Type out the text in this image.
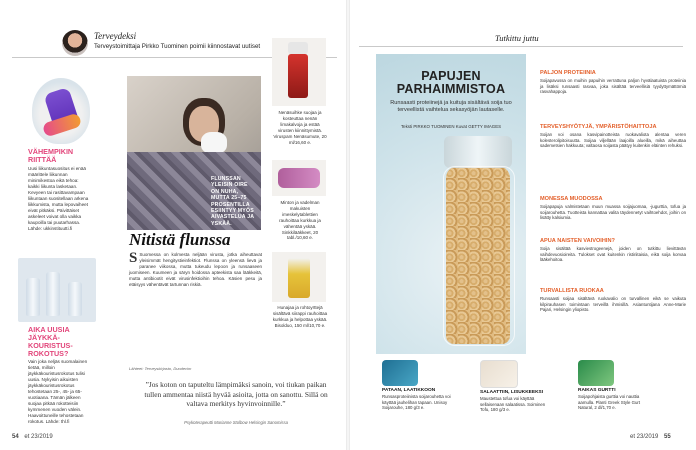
Terveydeksi
Terveystoimittaja Pirkko Tuominen poimii kiinnostavat uutiset
VÄHEMPIKIN RIITTÄÄ
Uusi liikuntasuositus ei enää määrittele liikunnan minimikestoa eikä tehoa: kaikki liikunta lasketaan. Kevyeen tai rasittavampaan liikuntaan suositellaan arkena liikkumista, mutta lepovaiheet eivät pitkäksi. Päivittäiset askeleet voivat olla vaikka kaupoilla tai puutarhassa. Lähde: ukkinstituutti.fi
AIKA UUSIA JÄYKKÄ-KOURISTUS-ROKOTUS?
Vain joka neljäs suomalainen tietää, milloin jäykkäkouristusrokotus tulisi uusia. Nykyisin aikuisten jäykkäkouristusrokotus tehostetaan 25-, 45- ja 65-vuotiaana. Tämän jälkeen suojaa pitkää rokotteisiin kymmenen vuoden välein. Haavoittuneille tehostetaan rokotus. Lähde: thl.fi
FLUNSSAN YLEISIN OIRE ON NUHA, MUTTA 25–75 PROSENTILLA ESIINTYY MYÖS AIVASTELUA JA YSKÄÄ.
Nitistä flunssa
S Suomessa on kolmesta neljään virusta, jotka aiheuttavat yleisimmät hengitystieinfektiot. Flunssa on yleensä lievä ja paranee viikossa, mutta tukeudu lepoon ja runsaaseen juomiseen. Kuumeen ja säryn hoidossa apteekista saa lääkkeitä, mutta antibiootit eivät virusinfektioihin tehoa. Käsien pesu ja etäisyys vähentävät tartunnan riskiä.
Lähteet: Terveyskirjasto, Duodecim
Nenäsuihke suojaa ja kosteuttaa nenän limakalvoja ja estää virusten kiinnittymistä. Viruspam Nenäsumute, 20 ml/16,60 e.
Minton ja vadelman makuisten imeskelytablettien rauhoittaa kurkkua ja vähentää yskää. Sinkkilääkkeet, 20 tabl./10,60 e.
Hunajaa ja rohtoyrttejä sisältävä siirappi rauhoittaa kurkkua ja helpottaa yskää. Bisolduo, 150 ml/10,70 e.
”Jos koton on taputeltu lämpimäksi sanoin, voi tiukan paikan tullen ammentaa niistä hyvää asioita, jotta on sanottu. Sillä on valtava merkitys hyvinvoinnille.”
Psykoterapeutti Marianne Stolbow Helsingin Sanomissa
54 et 23/2019
Tutkittu juttu
PAPUJEN PARHAIMMISTOA
Runsaasti proteiinejä ja kuituja sisältävä soija tuo terveellistä vaihtelua sekasyöjän lautaselle.
Teksti PIRKKO TUOMINEN Kuvat GETTY IMAGES
PALJON PROTEIINIA
Soijapavussa on muihin papuihin verrattuna paljon hyvälaatuista proteiinia ja lisäksi runsaasti rasvaa, joka sisältää terveellisiä tyydyttymättömiä rasvahappoja.
TERVEYSHYÖTYJÄ, YMPÄRISTÖHAITTOJA
Soijan voi osana kasvipainotteista ruokavaliota alentaa veren kolesterolipitoisuutta. Soijaa viljellään laajoilla alueilla, mikä aiheuttaa sademetsien hakkuuta; valtaosa soijasta päätyy kuitenkin eläinten rehuksi.
MONESSA MUODOSSA
Soijapapuja valmistetaan muun muassa soijajuomaa, -jugurttia, tofua ja soijarouhetta. Tuotteista kannattaa valita täydennetyt vaihtoehdot, joihin on lisätty kalsiumia.
APUA NAISTEN VAIVOIHIN?
Soija sisältää kasviestrogeenejä, joiden on tutkittu lievittävän vaihdevuosioireita. Tulokset ovat kuitenkin ristiriitaisia, eikä soija korvaa lääkehoitoa.
TURVALLISTA RUOKAA
Runsaasti soijaa sisältävä ruokavalio on turvallinen eikä se vaikuta kilpirauhasen toimintaan terveillä ihmisillä. Asiantuntijana Anne-Marie Pajari, Helsingin yliopisto.
PATAAN, LAATIKKOON
Runsasproteiinista soijarouhetta voi käyttää jauhelihan tapaan. Unisoy Soijarouhe, 180 g/3 e.
SALAATTIIN, LISUKKEEKSI
Maustettua tofua voi käyttää sellaisenaan salaatissa. Soiminen Tofu, 180 g/3 e.
RAIKAS GURTTI
Soijapohjaista gurttia voi nauttia aamulla. Planti Greek Style Gurt Natural, 2 dl/1,70 e.
et 23/2019 55
